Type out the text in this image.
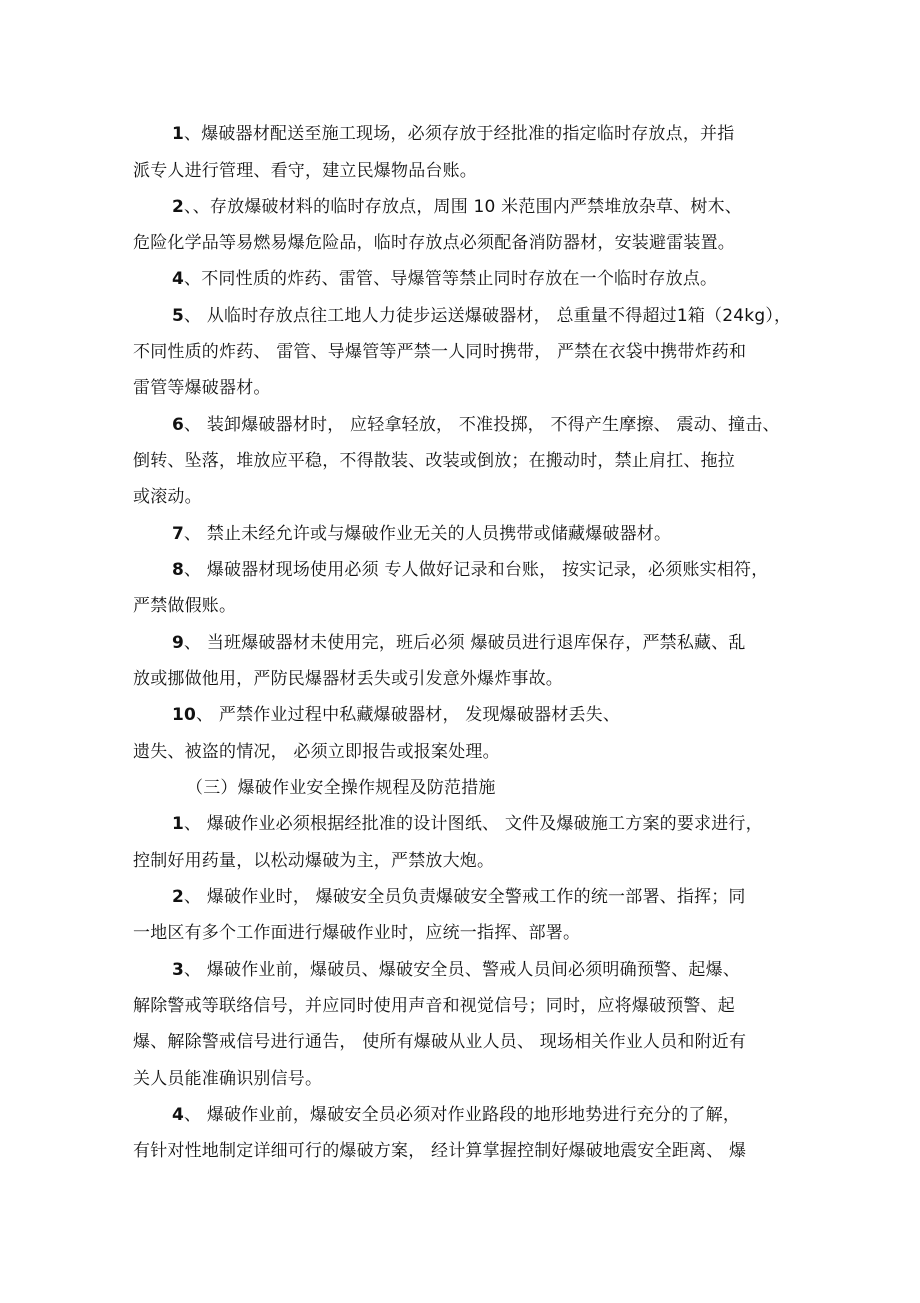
1、爆破器材配送至施工现场，必须存放于经批准的指定临时存放点，并指
派专人进行管理、看守，建立民爆物品台账。
2、、存放爆破材料的临时存放点，周围 10 米范围内严禁堆放杂草、树木、
危险化学品等易燃易爆危险品，临时存放点必须配备消防器材，安装避雷装置。
4、不同性质的炸药、雷管、导爆管等禁止同时存放在一个临时存放点。
5、 从临时存放点往工地人力徒步运送爆破器材， 总重量不得超过1箱（24kg），
不同性质的炸药、 雷管、导爆管等严禁一人同时携带， 严禁在衣袋中携带炸药和
雷管等爆破器材。
6、 装卸爆破器材时， 应轻拿轻放， 不准投掷， 不得产生摩擦、 震动、撞击、
倒转、坠落，堆放应平稳，不得散装、改装或倒放；在搬动时，禁止肩扛、拖拉
或滚动。
7、 禁止未经允许或与爆破作业无关的人员携带或储藏爆破器材。
8、 爆破器材现场使用必须 专人做好记录和台账， 按实记录，必须账实相符，
严禁做假账。
9、 当班爆破器材未使用完，班后必须 爆破员进行退库保存，严禁私藏、乱
放或挪做他用，严防民爆器材丢失或引发意外爆炸事故。
10、 严禁作业过程中私藏爆破器材， 发现爆破器材丢失、
遗失、被盗的情况， 必须立即报告或报案处理。
（三）爆破作业安全操作规程及防范措施
1、 爆破作业必须根据经批准的设计图纸、 文件及爆破施工方案的要求进行，
控制好用药量，以松动爆破为主，严禁放大炮。
2、 爆破作业时， 爆破安全员负责爆破安全警戒工作的统一部署、指挥；同
一地区有多个工作面进行爆破作业时，应统一指挥、部署。
3、 爆破作业前，爆破员、爆破安全员、警戒人员间必须明确预警、起爆、
解除警戒等联络信号，并应同时使用声音和视觉信号；同时，应将爆破预警、起
爆、解除警戒信号进行通告， 使所有爆破从业人员、 现场相关作业人员和附近有
关人员能准确识别信号。
4、 爆破作业前，爆破安全员必须对作业路段的地形地势进行充分的了解，
有针对性地制定详细可行的爆破方案， 经计算掌握控制好爆破地震安全距离、 爆
